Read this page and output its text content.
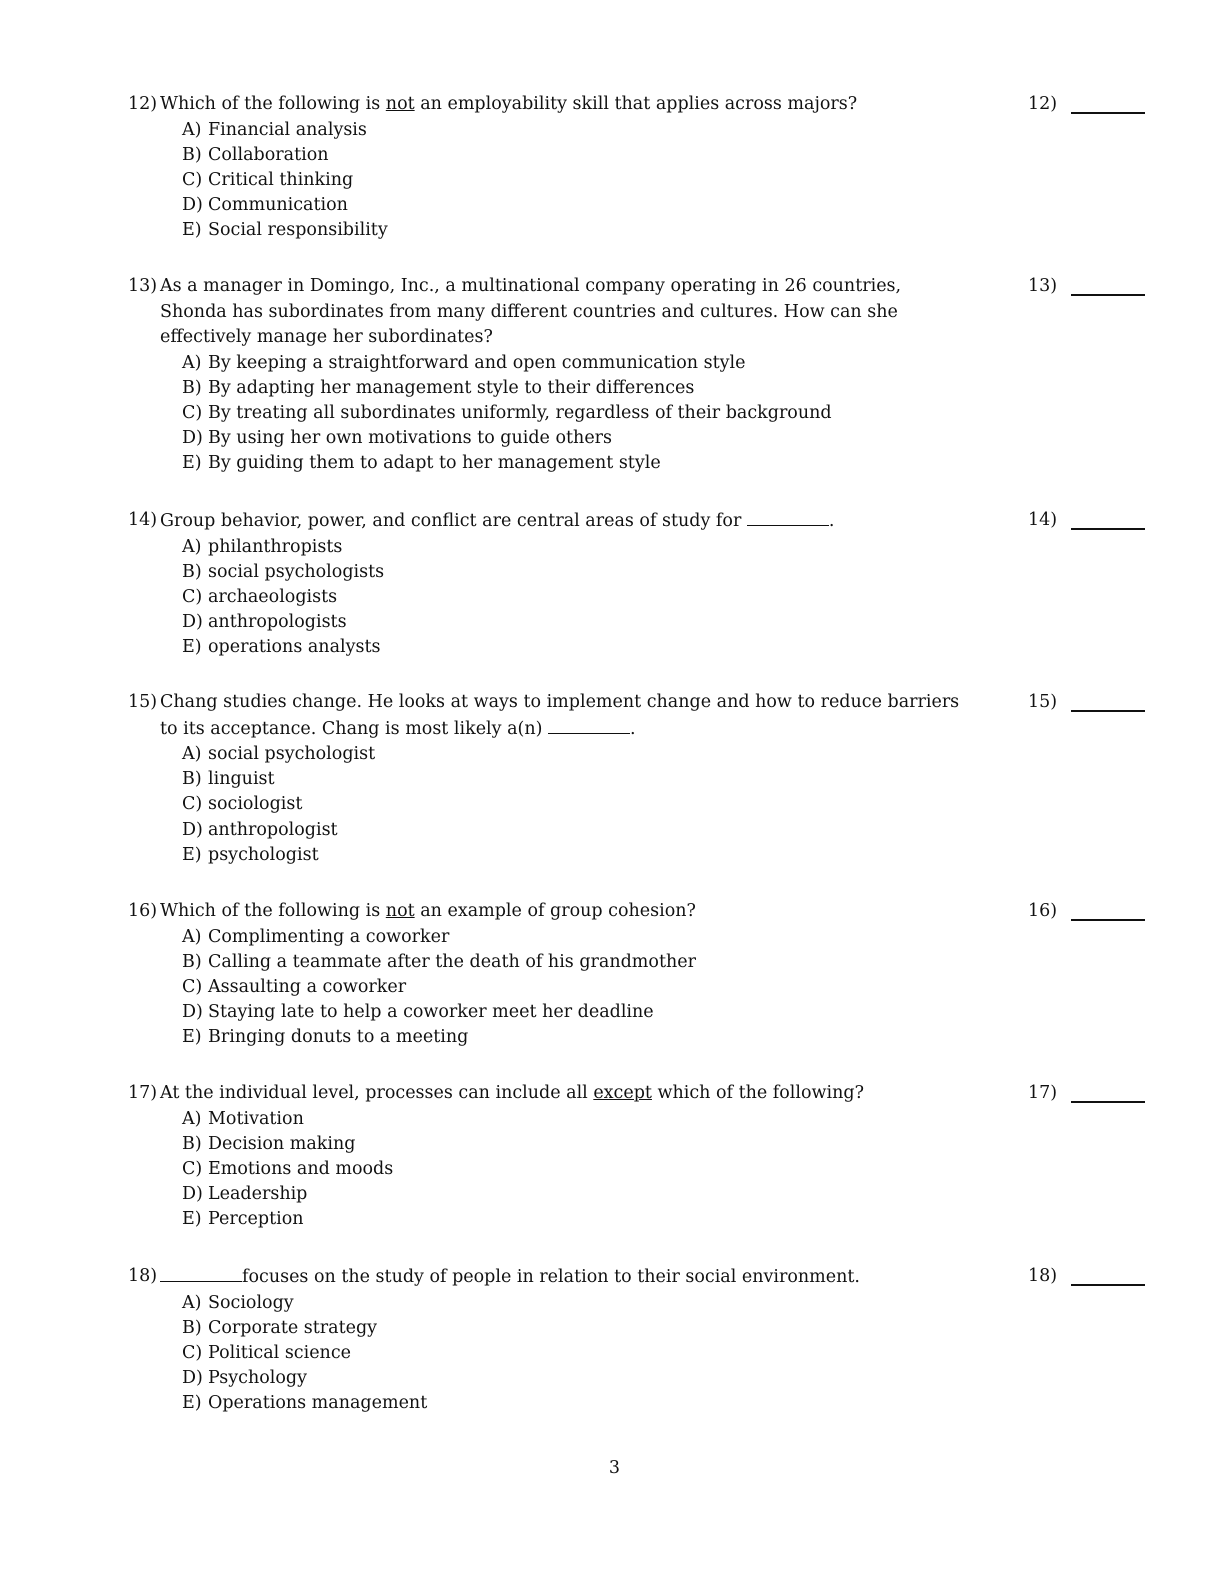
12) Which of the following is not an employability skill that applies across majors?	12)
A) Financial analysis
B) Collaboration
C) Critical thinking
D) Communication
E) Social responsibility
13) As a manager in Domingo, Inc., a multinational company operating in 26 countries, Shonda has subordinates from many different countries and cultures. How can she effectively manage her subordinates?
13)
A) By keeping a straightforward and open communication style
B) By adapting her management style to their differences
C) By treating all subordinates uniformly, regardless of their background
D) By using her own motivations to guide others
E) By guiding them to adapt to her management style
14) Group behavior, power, and conflict are central areas of study for	.	14)
A) philanthropists
B) social psychologists
C) archaeologists
D) anthropologists
E) operations analysts
15) Chang studies change. He looks at ways to implement change and how to reduce barriers to its acceptance. Chang is most likely a(n)	.
15)
A) social psychologist
B) linguist
C) sociologist
D) anthropologist
E) psychologist
16) Which of the following is not an example of group cohesion?	16)
A) Complimenting a coworker
B) Calling a teammate after the death of his grandmother
C) Assaulting a coworker
D) Staying late to help a coworker meet her deadline
E) Bringing donuts to a meeting
17) At the individual level, processes can include all except which of the following?	17)
A) Motivation
B) Decision making
C) Emotions and moods
D) Leadership
E) Perception
18)	focuses on the study of people in relation to their social environment.	18)
A) Sociology
B) Corporate strategy
C) Political science
D) Psychology
E) Operations management
3
